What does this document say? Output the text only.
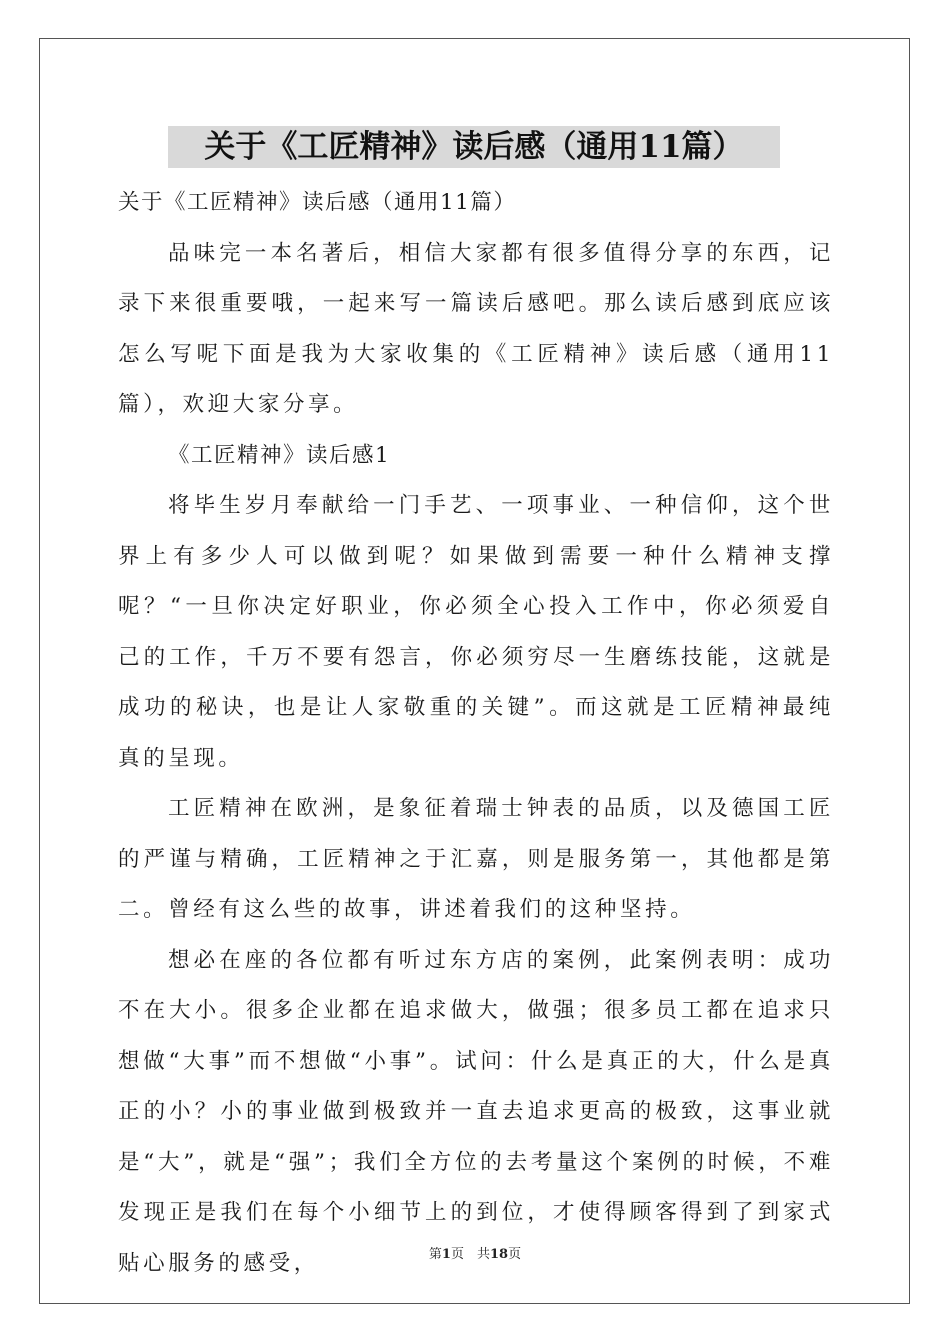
关于《工匠精神》读后感（通用11篇）

关于《工匠精神》读后感（通用11篇）

品味完一本名著后，相信大家都有很多值得分享的东西，记录下来很重要哦，一起来写一篇读后感吧。那么读后感到底应该怎么写呢下面是我为大家收集的《工匠精神》读后感（通用11篇），欢迎大家分享。

《工匠精神》读后感1

将毕生岁月奉献给一门手艺、一项事业、一种信仰，这个世界上有多少人可以做到呢？如果做到需要一种什么精神支撑呢？“一旦你决定好职业，你必须全心投入工作中，你必须爱自己的工作，千万不要有怨言，你必须穷尽一生磨练技能，这就是成功的秘诀，也是让人家敬重的关键”。而这就是工匠精神最纯真的呈现。

工匠精神在欧洲，是象征着瑞士钟表的品质，以及德国工匠的严谨与精确，工匠精神之于汇嘉，则是服务第一，其他都是第二。曾经有这么些的故事，讲述着我们的这种坚持。

想必在座的各位都有听过东方店的案例，此案例表明：成功不在大小。很多企业都在追求做大，做强；很多员工都在追求只想做“大事”而不想做“小事”。试问：什么是真正的大，什么是真正的小？小的事业做到极致并一直去追求更高的极致，这事业就是“大”，就是“强”；我们全方位的去考量这个案例的时候，不难发现正是我们在每个小细节上的到位，才使得顾客得到了到家式贴心服务的感受，	第1页　共18页
